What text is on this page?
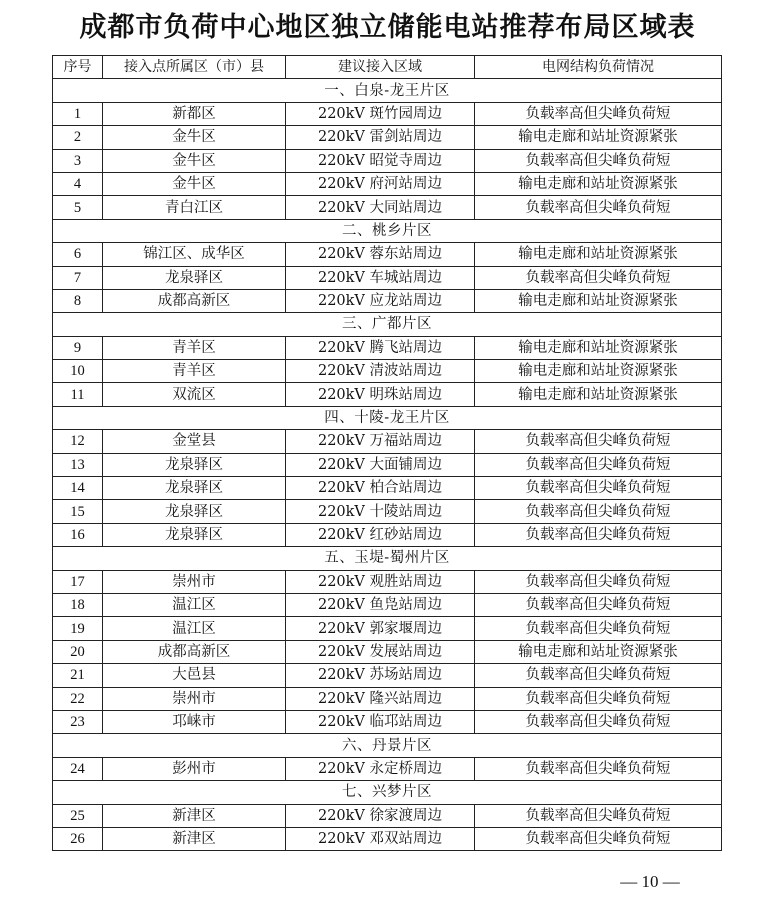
成都市负荷中心地区独立储能电站推荐布局区域表
序号	接入点所属区（市）县	建议接入区域	电网结构负荷情况
一、白泉-龙王片区			
1	新都区	220kV 斑竹园周边	负载率高但尖峰负荷短
2	金牛区	220kV 雷剑站周边	输电走廊和站址资源紧张
3	金牛区	220kV 昭觉寺周边	负载率高但尖峰负荷短
4	金牛区	220kV 府河站周边	输电走廊和站址资源紧张
5	青白江区	220kV 大同站周边	负载率高但尖峰负荷短
二、桃乡片区			
6	锦江区、成华区	220kV 蓉东站周边	输电走廊和站址资源紧张
7	龙泉驿区	220kV 车城站周边	负载率高但尖峰负荷短
8	成都高新区	220kV 应龙站周边	输电走廊和站址资源紧张
三、广都片区			
9	青羊区	220kV 腾飞站周边	输电走廊和站址资源紧张
10	青羊区	220kV 清波站周边	输电走廊和站址资源紧张
11	双流区	220kV 明珠站周边	输电走廊和站址资源紧张
四、十陵-龙王片区			
12	金堂县	220kV 万福站周边	负载率高但尖峰负荷短
13	龙泉驿区	220kV 大面铺周边	负载率高但尖峰负荷短
14	龙泉驿区	220kV 柏合站周边	负载率高但尖峰负荷短
15	龙泉驿区	220kV 十陵站周边	负载率高但尖峰负荷短
16	龙泉驿区	220kV 红砂站周边	负载率高但尖峰负荷短
五、玉堤-蜀州片区			
17	崇州市	220kV 观胜站周边	负载率高但尖峰负荷短
18	温江区	220kV 鱼凫站周边	负载率高但尖峰负荷短
19	温江区	220kV 郭家堰周边	负载率高但尖峰负荷短
20	成都高新区	220kV 发展站周边	输电走廊和站址资源紧张
21	大邑县	220kV 苏场站周边	负载率高但尖峰负荷短
22	崇州市	220kV 隆兴站周边	负载率高但尖峰负荷短
23	邛崃市	220kV 临邛站周边	负载率高但尖峰负荷短
六、丹景片区			
24	彭州市	220kV 永定桥周边	负载率高但尖峰负荷短
七、兴梦片区			
25	新津区	220kV 徐家渡周边	负载率高但尖峰负荷短
26	新津区	220kV 邓双站周边	负载率高但尖峰负荷短
— 10 —
